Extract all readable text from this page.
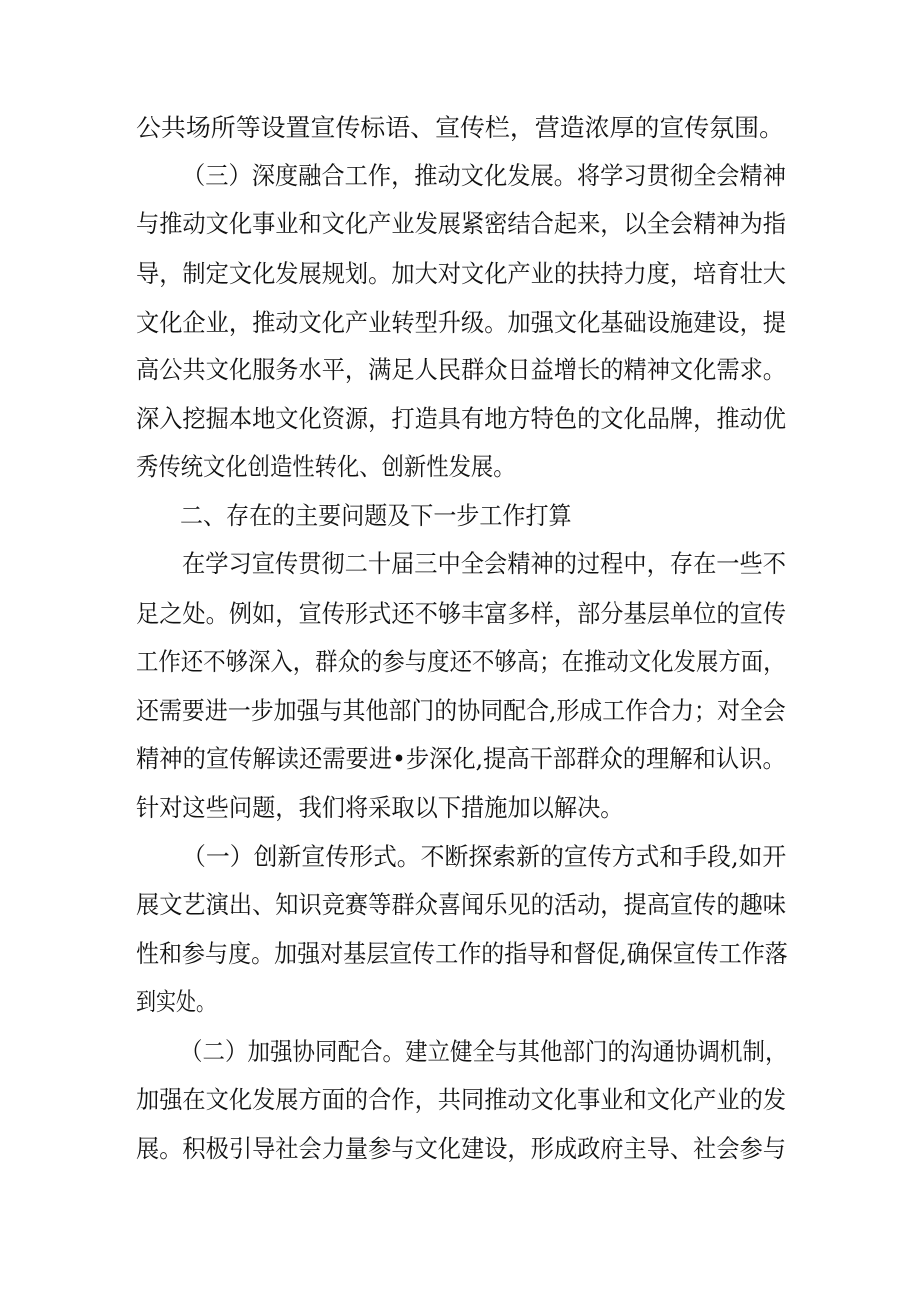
公共场所等设置宣传标语、宣传栏，营造浓厚的宣传氛围。
（三）深度融合工作，推动文化发展。将学习贯彻全会精神
与推动文化事业和文化产业发展紧密结合起来，以全会精神为指
导，制定文化发展规划。加大对文化产业的扶持力度，培育壮大
文化企业，推动文化产业转型升级。加强文化基础设施建设，提
高公共文化服务水平，满足人民群众日益增长的精神文化需求。
深入挖掘本地文化资源，打造具有地方特色的文化品牌，推动优
秀传统文化创造性转化、创新性发展。
二、存在的主要问题及下一步工作打算
在学习宣传贯彻二十届三中全会精神的过程中，存在一些不
足之处。例如，宣传形式还不够丰富多样，部分基层单位的宣传
工作还不够深入，群众的参与度还不够高；在推动文化发展方面，
还需要进一步加强与其他部门的协同配合,形成工作合力；对全会
精神的宣传解读还需要进•步深化,提高干部群众的理解和认识。
针对这些问题，我们将采取以下措施加以解决。
（一）创新宣传形式。不断探索新的宣传方式和手段,如开
展文艺演出、知识竞赛等群众喜闻乐见的活动，提高宣传的趣味
性和参与度。加强对基层宣传工作的指导和督促,确保宣传工作落
到实处。
（二）加强协同配合。建立健全与其他部门的沟通协调机制，
加强在文化发展方面的合作，共同推动文化事业和文化产业的发
展。积极引导社会力量参与文化建设，形成政府主导、社会参与
